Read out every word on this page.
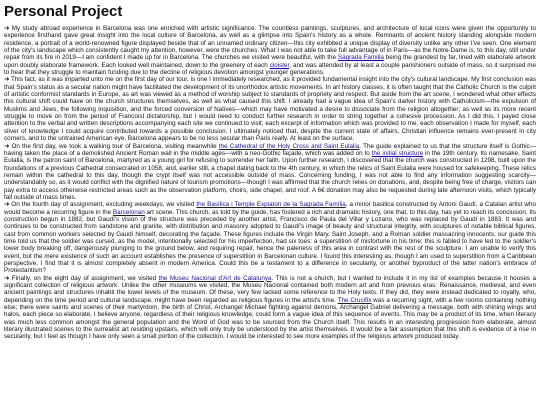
Personal Project

➜ My study abroad experience in Barcelona was one enriched with artistic significance. The countless paintings, sculptures, and architecture of local icons were given the opportunity to experience firsthand gave great insight into the local culture of Barcelona, as well as a glimpse into Spain's history as a whole. Remnants of ancient history standing alongside modern residence, a portrait of a world-renowned figure displayed beside that of an unnamed ordinary citizen—this city exhibited a unique display of diversity unlike any other I've seen. One element of the city's landscape which consistently caught my attention, however, were the churches. What I was not able to take full advantage of in Paris—as the Notre-Dame is, to this day, still under repair from its fire in 2019—I am confident I made up for in Barcelona. The churches we visited were beautiful, with the Sagrada Familia being the grandest by far, lined with elaborate artwork upon doubly elaborate framework. Each looked well maintained, down to the greenery of each cloister, and was attended by at least a couple parishioners outside of mass, so it surprised me to hear that they struggle to maintain funding due to the decline of religious devotion amongst younger generations.

➜ This fact, as it was imparted unto me on the first day of our tour, is one I immediately researched, as it provided fundamental insight into the city's cultural landscape. My first conclusion was that Spain's status as a secular nation might have facilitated the development of its unorthodox artistic movements. In art history classes, it is often taught that the Catholic Church is the culprit of artistic conformist standards in Europe, as art was viewed as a method of worship subject to standards of propriety and respect. But aside from the art scene, I wondered what other effects this cultural shift could have on the church structures themselves, as well as what caused this shift. I already had a vague idea of Spain's darker history with Catholicism—the expulsion of Muslims and Jews, the following Inquisition, and the forced conversion of Natives—which may have motivated a desire to dissociate from the religion altogether; as well as its more recent struggle to move on from the period of Francoist dictatorship, but I would need to conduct further research in order to string together a cohesive procession. As I did this, I payed close attention to the verbal and written descriptions accompanying each site we continued to visit; each excerpt of information which was provided to me, each observation I made for myself, each sliver of knowledge I could acquire contributed towards a possible conclusion. I ultimately noticed that, despite the current state of affairs, Christian influence remains ever-present in city corners, and to the untrained American eye, Barcelona appears to be no less secular than Paris really. At least on the surface.

➜ On the first day, we took a walking tour of Barcelona, visiting meanwhile the Cathedral of the Holy Cross and Saint Eulalia. The guide explained to us that the structure itself is Gothic—having taken the place of a demolished Ancient Roman wall in the middle ages—with a neo-Gothic façade, which was added on to the initial structure in the 19th century. Its namesake, Saint Eulalia, is the patron saint of Barcelona, martyred as a young girl for refusing to surrender her faith. Upon further research, I discovered that the church was constructed in 1298, built upon the foundations of a previous Cathedral consecrated in 1058, and, earlier still, a chapel dating back to the 4th century, in which the relics of Saint Eulalia were housed for safekeeping. These relics remain within the cathedral to this day, though the crypt itself was not accessible outside of mass. Concerning funding, I was not able to find any information suggesting scarcity—understandably so, as it would conflict with the dignified nature of tourism promotions—though I was affirmed that the church relies on donations, and, despite being free of charge, visitors can pay extra to access otherwise restricted areas such as the observation platform, choirs, side chapel, and roof. A 6€ donation may also be requested during late afternoon visits, which typically fall outside of mass times.

➜ On the fourth day of assignment, excluding weekdays, we visited the Basílica i Temple Expiatori de la Sagrada Família, a minor basilica constructed by Antoni Gaudí, a Catalan artist who would become a recurring figure in the Barcelonan art scene. This church, as told by the guide, has fostered a rich and dramatic history, one that, to this day, has yet to reach its conclusion. Its construction begun in 1882, but Gaudí's vision of the structure was preceded by another artist, Francisco de Paula del Villar y Lozano, who was replaced by Gaudí in 1883. It was and continues to be constructed from sandstone and granite, with distribution and masonry adopted to Gaudí's image of beauty and structural integrity, with sculptures of notable biblical figures, cast from common workers selected by Gaudí himself, decorating the façade. These figures include the Virgin Mary, Saint Joseph, and a Roman soldier massacring innocents; our guide this time told us that the soldier was cursed, as the model, intentionally selected for his imperfection, had six toes: a superstition of misfortune in his time; this is fabled to have led to the soldier's lower body breaking off, dangerously plunging to the ground below, and requiring repair, hence the paleness of this area in contrast with the rest of the sculpture. I am unable to verify this event, but the mere existence of such an account establishes the presence of superstition in Barcelonan culture. I found this interesting as, though I am used to superstition from a Caribbean perspective, I find that it is almost completely absent in modern America. Could this be a testament to a difference in secularity, or another byproduct of the latter nation's embrace of Protestantism?

➜ Finally, on the eight day of assignment, we visited the Museu Nacional d'Art de Catalunya. This is not a church, but I wanted to include it in my list of examples because it houses a significant collection of religious artwork. Unlike the other museums we visited, the Museu Nacional contained both modern art and from previous eras: Renaissance, medieval, and even ancient paintings and structures inhabit the lower levels of the museum. Of these, very few lacked some reference to the Holy texts. If they did, they were instead dedicated to royalty, who, depending on the time period and cultural landscape, might have been regarded as religious figures in the artist's time. The Crucifix was a recurring sight, with a few rooms containing nothing else; there were saints and scenes of their martyrdom, the birth of Christ, Archangel Michael fighting against demons, Archangel Gabriel delivering a message, both with shining wings and halos, each piece so elaborate, I believe anyone, regardless of their religious knowledge, could form a vague idea of this sequence of events. This may be a product of its time, when literacy was much less common amongst the general population and the Word of God was to be sourced from the Church itself. This results in an interesting progression from elaborate, almost literary illustrated scenes to the surrealist art residing upstairs, which will only truly be understood by the artist themselves. It would be a fair assumption that this shift is evidence of a rise in secularity, but I feel as though I have only seen a small portion of the collection. I would be interested to see more examples of the religious artwork produced today.
